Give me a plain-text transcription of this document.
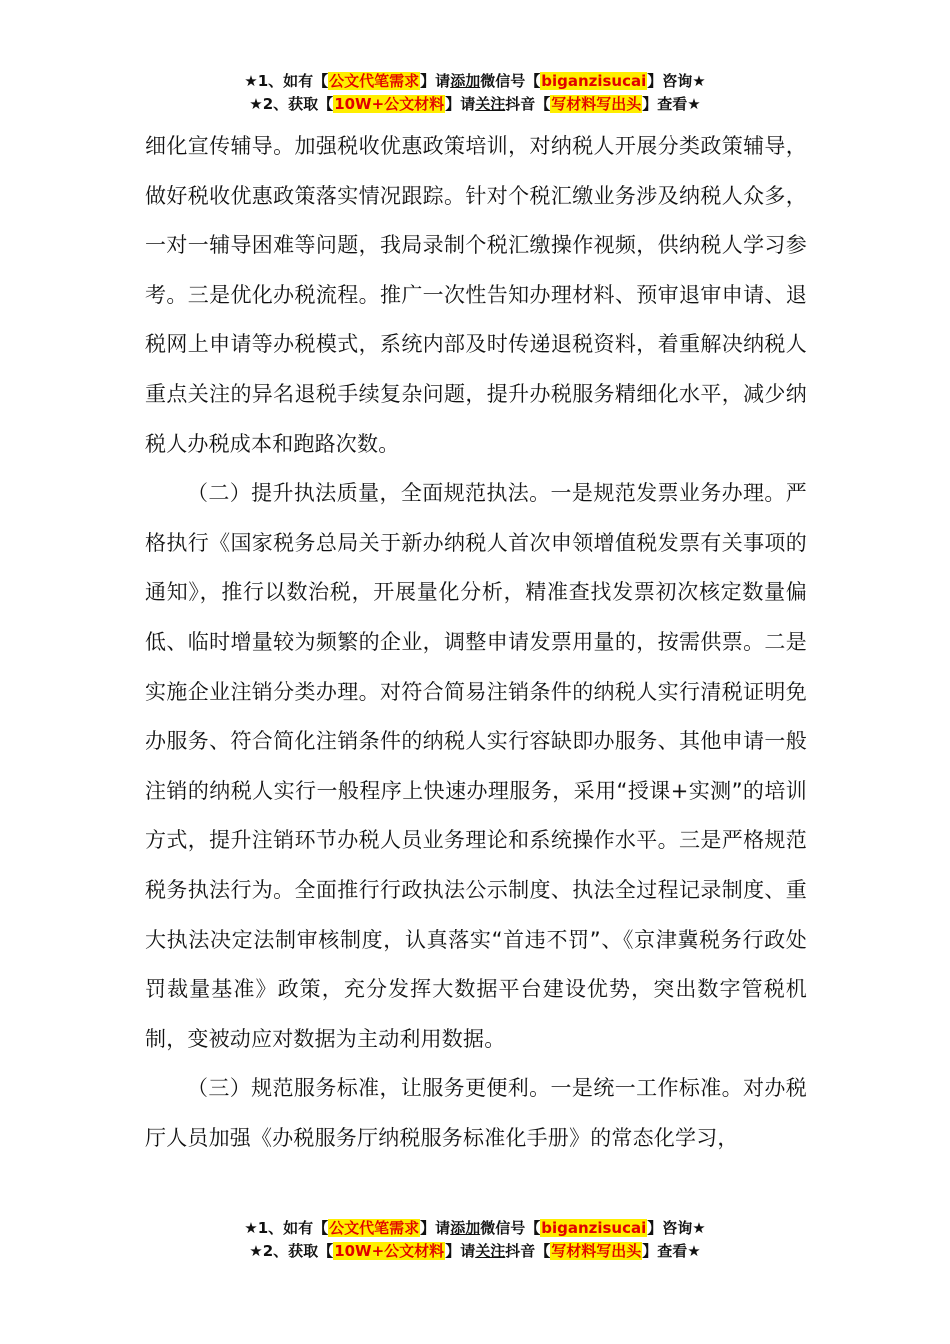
★1、如有【公文代笔需求】请添加微信号【biganzisucai】咨询★
★2、获取【10W+公文材料】请关注抖音【写材料写出头】查看★

细化宣传辅导。加强税收优惠政策培训，对纳税人开展分类政策辅导，做好税收优惠政策落实情况跟踪。针对个税汇缴业务涉及纳税人众多，一对一辅导困难等问题，我局录制个税汇缴操作视频，供纳税人学习参考。三是优化办税流程。推广一次性告知办理材料、预审退审申请、退税网上申请等办税模式，系统内部及时传递退税资料，着重解决纳税人重点关注的异名退税手续复杂问题，提升办税服务精细化水平，减少纳税人办税成本和跑路次数。

（二）提升执法质量，全面规范执法。一是规范发票业务办理。严格执行《国家税务总局关于新办纳税人首次申领增值税发票有关事项的通知》，推行以数治税，开展量化分析，精准查找发票初次核定数量偏低、临时增量较为频繁的企业，调整申请发票用量的，按需供票。二是实施企业注销分类办理。对符合简易注销条件的纳税人实行清税证明免办服务、符合简化注销条件的纳税人实行容缺即办服务、其他申请一般注销的纳税人实行一般程序上快速办理服务，采用“授课+实测”的培训方式，提升注销环节办税人员业务理论和系统操作水平。三是严格规范税务执法行为。全面推行行政执法公示制度、执法全过程记录制度、重大执法决定法制审核制度，认真落实“首违不罚”、《京津冀税务行政处罚裁量基准》政策，充分发挥大数据平台建设优势，突出数字管税机制，变被动应对数据为主动利用数据。

（三）规范服务标准，让服务更便利。一是统一工作标准。对办税厅人员加强《办税服务厅纳税服务标准化手册》的常态化学习，

★1、如有【公文代笔需求】请添加微信号【biganzisucai】咨询★
★2、获取【10W+公文材料】请关注抖音【写材料写出头】查看★
